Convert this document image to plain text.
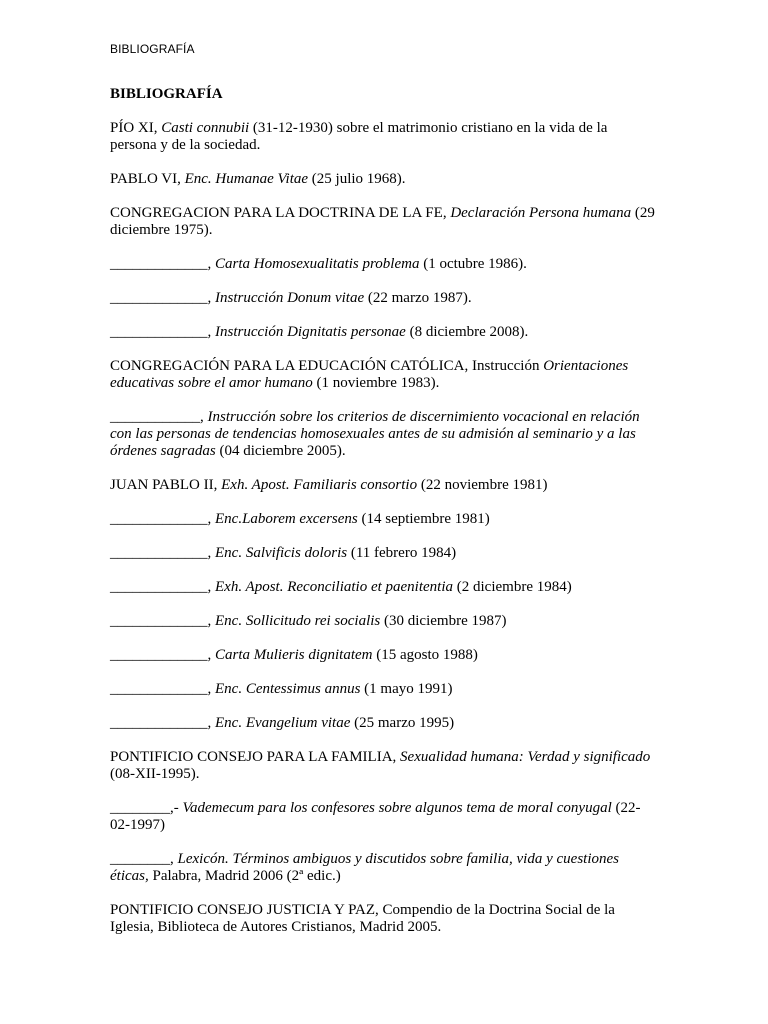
BIBLIOGRAFÍA
BIBLIOGRAFÍA

PÍO XI, Casti connubii (31-12-1930) sobre el matrimonio cristiano en la vida de la persona y de la sociedad.

PABLO VI, Enc. Humanae Vitae (25 julio 1968).

CONGREGACION PARA LA DOCTRINA DE LA FE, Declaración Persona humana (29 diciembre 1975).

_____________, Carta Homosexualitatis problema (1 octubre 1986).

_____________, Instrucción Donum vitae (22 marzo 1987).

_____________, Instrucción Dignitatis personae (8 diciembre 2008).

CONGREGACIÓN PARA LA EDUCACIÓN CATÓLICA, Instrucción Orientaciones educativas sobre el amor humano (1 noviembre 1983).

____________, Instrucción sobre los criterios de discernimiento vocacional en relación con las personas de tendencias homosexuales antes de su admisión al seminario y a las órdenes sagradas (04 diciembre 2005).

JUAN PABLO II, Exh. Apost. Familiaris consortio (22 noviembre 1981)

_____________, Enc.Laborem excersens (14 septiembre 1981)

_____________, Enc. Salvificis doloris (11 febrero 1984)

_____________, Exh. Apost. Reconciliatio et paenitentia (2 diciembre 1984)

_____________, Enc. Sollicitudo rei socialis (30 diciembre 1987)

_____________, Carta Mulieris dignitatem (15 agosto 1988)

_____________, Enc. Centessimus annus (1 mayo 1991)

_____________, Enc. Evangelium vitae (25 marzo 1995)

PONTIFICIO CONSEJO PARA LA FAMILIA, Sexualidad humana: Verdad y significado (08-XII-1995).

________,- Vademecum para los confesores sobre algunos tema de moral conyugal (22-02-1997)

________, Lexicón. Términos ambiguos y discutidos sobre familia, vida y cuestiones éticas, Palabra, Madrid 2006 (2ª edic.)

PONTIFICIO CONSEJO JUSTICIA Y PAZ, Compendio de la Doctrina Social de la Iglesia, Biblioteca de Autores Cristianos, Madrid 2005.
